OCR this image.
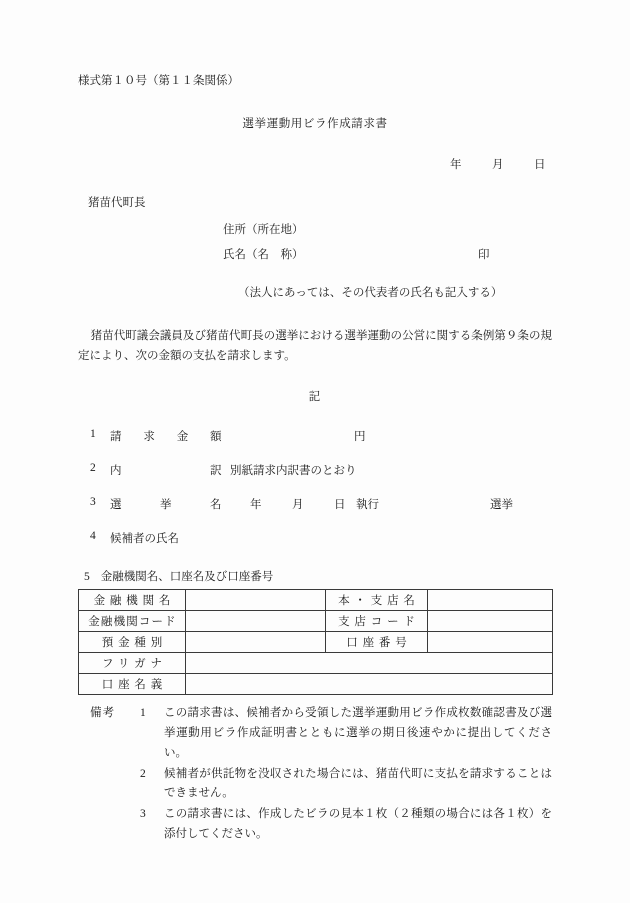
様式第１０号（第１１条関係）
選挙運動用ビラ作成請求書
年	月	日
猪苗代町長
住所（所在地）
氏名（名　称）	印
（法人にあっては、その代表者の氏名も記入する）
猪苗代町議会議員及び猪苗代町長の選挙における選挙運動の公営に関する条例第９条の規定により、次の金額の支払を請求します。
記
1 請　求　金　額	円
2 内　　　　　訳 別紙請求内訳書のとおり
3 選　　挙　　名 年	月	日 執行	選挙
4 候補者の氏名
5 金融機関名、口座名及び口座番号
金融機関名		本・支店名	
金融機関コード		支店コード	
預金種別		口座番号	
フリガナ			
口座名義			
備考 1 この請求書は、候補者から受領した選挙運動用ビラ作成枚数確認書及び選挙運動用ビラ作成証明書とともに選挙の期日後速やかに提出してください。
2 候補者が供託物を没収された場合には、猪苗代町に支払を請求することはできません。
3 この請求書には、作成したビラの見本１枚（２種類の場合には各１枚）を添付してください。
